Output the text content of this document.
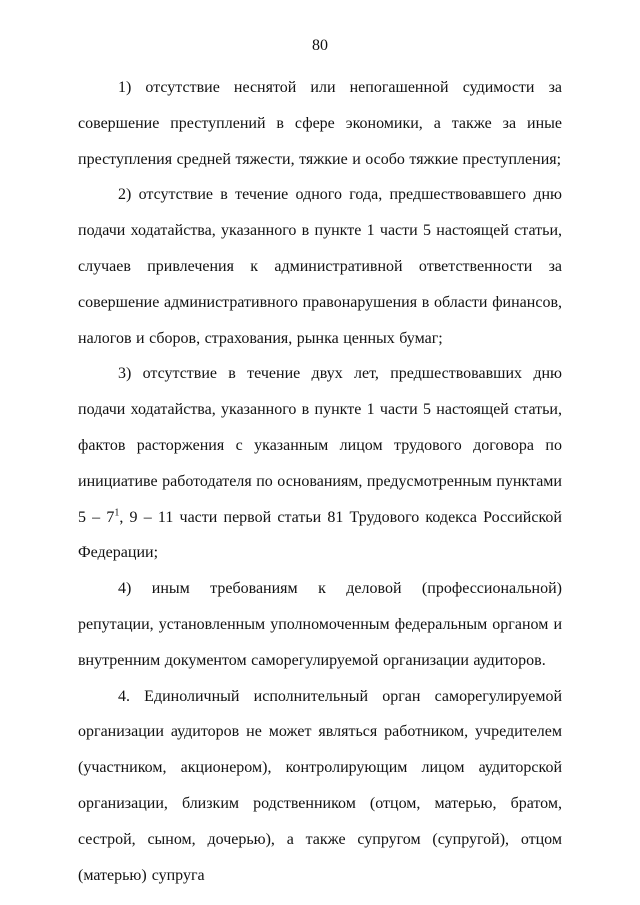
80

1) отсутствие неснятой или непогашенной судимости за совершение преступлений в сфере экономики, а также за иные преступления средней тяжести, тяжкие и особо тяжкие преступления;

2) отсутствие в течение одного года, предшествовавшего дню подачи ходатайства, указанного в пункте 1 части 5 настоящей статьи, случаев привлечения к административной ответственности за совершение административного правонарушения в области финансов, налогов и сборов, страхования, рынка ценных бумаг;

3) отсутствие в течение двух лет, предшествовавших дню подачи ходатайства, указанного в пункте 1 части 5 настоящей статьи, фактов расторжения с указанным лицом трудового договора по инициативе работодателя по основаниям, предусмотренным пунктами $5 - 7^1$, 9 – 11 части первой статьи 81 Трудового кодекса Российской Федерации;

4) иным требованиям к деловой (профессиональной) репутации, установленным уполномоченным федеральным органом и внутренним документом саморегулируемой организации аудиторов.

4. Единоличный исполнительный орган саморегулируемой организации аудиторов не может являться работником, учредителем (участником, акционером), контролирующим лицом аудиторской организации, близким родственником (отцом, матерью, братом, сестрой, сыном, дочерью), а также супругом (супругой), отцом (матерью) супруга
